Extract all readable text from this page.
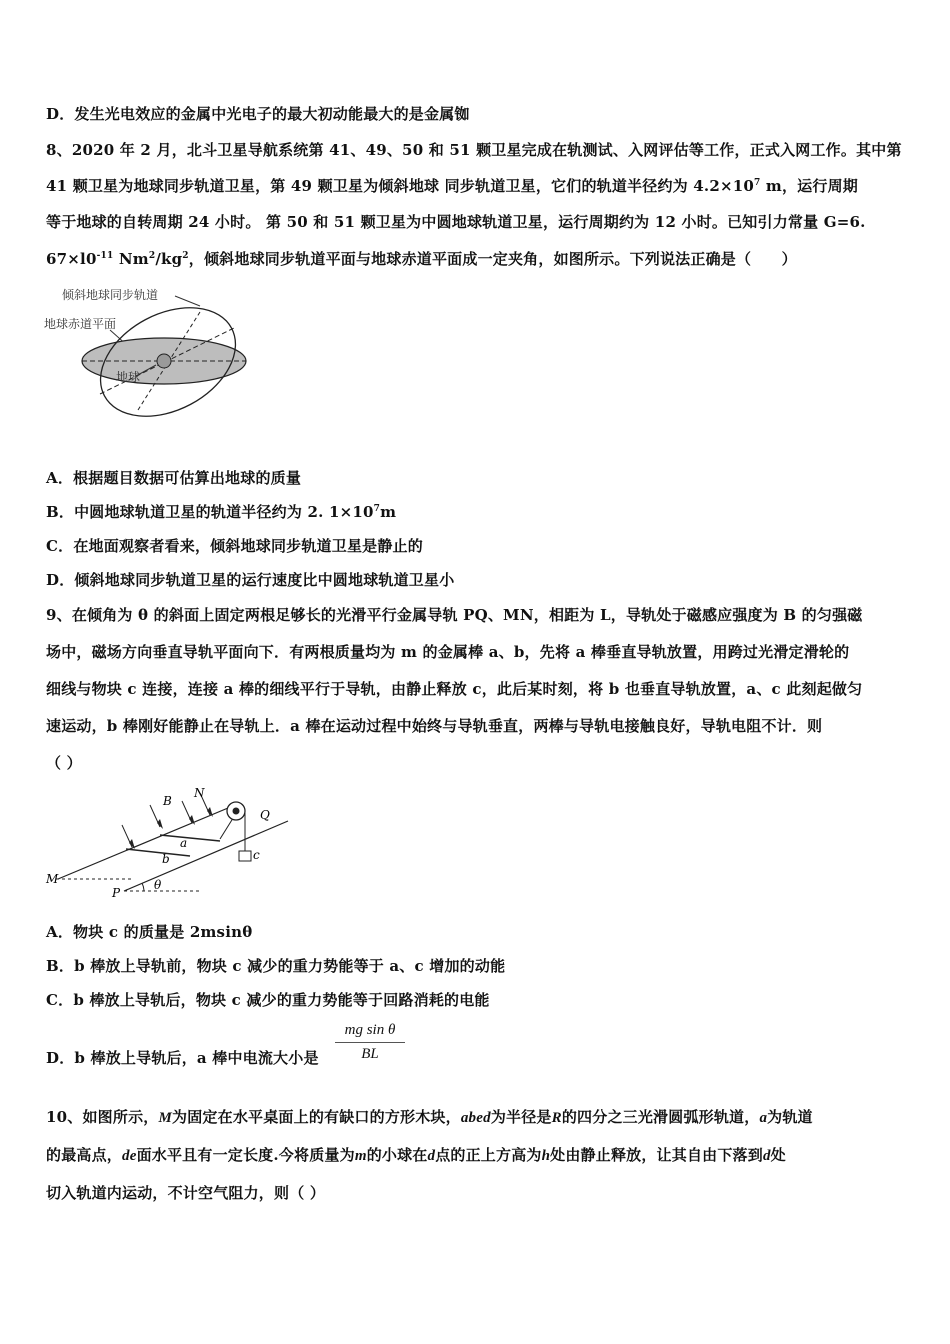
D．发生光电效应的金属中光电子的最大初动能最大的是金属铷
8、2020 年 2 月，北斗卫星导航系统第 41、49、50 和 51 颗卫星完成在轨测试、入网评估等工作，正式入网工作。其中第
41 颗卫星为地球同步轨道卫星，第 49 颗卫星为倾斜地球 同步轨道卫星，它们的轨道半径约为 $4.2\times 10^7$ m，运行周期
等于地球的自转周期 24 小时。 第 50 和 51 颗卫星为中圆地球轨道卫星，运行周期约为 12 小时。已知引力常量 G=6.
$67\times l0^{-11}$ $Nm^2/kg^2$，倾斜地球同步轨道平面与地球赤道平面成一定夹角，如图所示。下列说法正确是（　　）
倾斜地球同步轨道
地球赤道平面
地球
A．根据题目数据可估算出地球的质量
B．中圆地球轨道卫星的轨道半径约为 2. $1\times 10^7m$
C．在地面观察者看来，倾斜地球同步轨道卫星是静止的
D．倾斜地球同步轨道卫星的运行速度比中圆地球轨道卫星小
9、在倾角为 θ 的斜面上固定两根足够长的光滑平行金属导轨 PQ、MN，相距为 L，导轨处于磁感应强度为 B 的匀强磁
场中，磁场方向垂直导轨平面向下．有两根质量均为 m 的金属棒 a、b，先将 a 棒垂直导轨放置，用跨过光滑定滑轮的
细线与物块 c 连接，连接 a 棒的细线平行于导轨，由静止释放 c，此后某时刻，将 b 也垂直导轨放置，a、c 此刻起做匀
速运动，b 棒刚好能静止在导轨上．a 棒在运动过程中始终与导轨垂直，两棒与导轨电接触良好，导轨电阻不计．则
（ ）
B
N
Q
a
b	c
M
P
θ
A．物块 c 的质量是 2msinθ
B．b 棒放上导轨前，物块 c 减少的重力势能等于 a、c 增加的动能
C．b 棒放上导轨后，物块 c 减少的重力势能等于回路消耗的电能
D．b 棒放上导轨后，a 棒中电流大小是 $\frac{\text{mg sin θ}}{BL}$
10、如图所示，M为固定在水平桌面上的有缺口的方形木块，abed为半径是R的四分之三光滑圆弧形轨道，a为轨道
的最高点，de面水平且有一定长度.今将质量为m的小球在d点的正上方高为h处由静止释放，让其自由下落到d处
切入轨道内运动，不计空气阻力，则（ ）
